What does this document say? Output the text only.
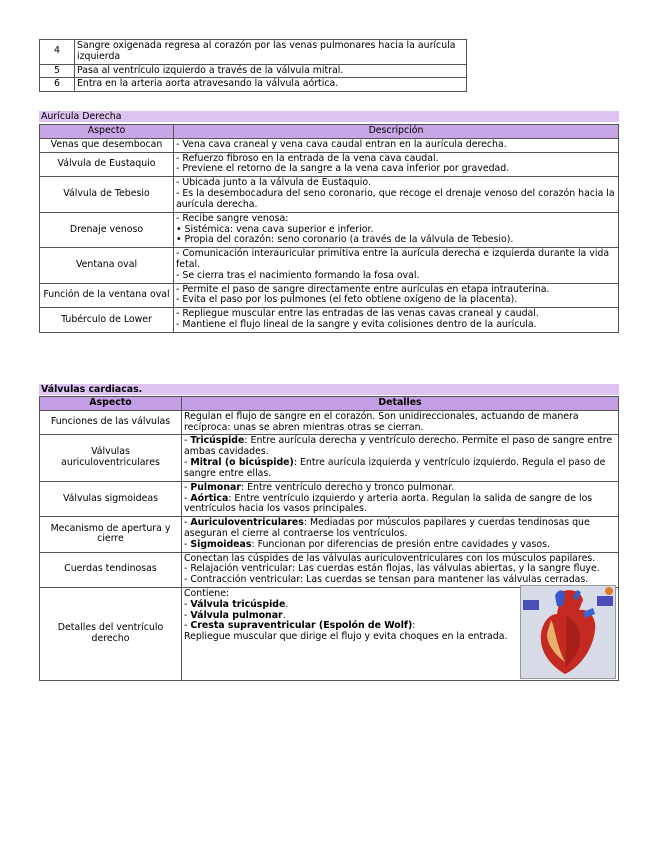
4	Sangre oxigenada regresa al corazón por las venas pulmonares hacia la aurícula izquierda
5	Pasa al ventrículo izquierdo a través de la válvula mitral.
6	Entra en la arteria aorta atravesando la válvula aórtica.
Aurícula Derecha
Aspecto	Descripción
Venas que desembocan	- Vena cava craneal y vena cava caudal entran en la aurícula derecha.

Válvula de Eustaquio	- Refuerzo fibroso en la entrada de la vena cava caudal.
- Previene el retorno de la sangre a la vena cava inferior por gravedad.

Válvula de Tebesio	- Ubicada junto a la válvula de Eustaquio.
- Es la desembocadura del seno coronario, que recoge el drenaje venoso del corazón hacia la aurícula derecha.

Drenaje venoso	- Recibe sangre venosa:
• Sistémica: vena cava superior e inferior.
• Propia del corazón: seno coronario (a través de la válvula de Tebesio).

Ventana oval	- Comunicación interauricular primitiva entre la aurícula derecha e izquierda durante la vida fetal.
- Se cierra tras el nacimiento formando la fosa oval.

Función de la ventana oval	- Permite el paso de sangre directamente entre aurículas en etapa intrauterina.
- Evita el paso por los pulmones (el feto obtiene oxígeno de la placenta).

Tubérculo de Lower	- Repliegue muscular entre las entradas de las venas cavas craneal y caudal.
- Mantiene el flujo lineal de la sangre y evita colisiones dentro de la aurícula.
Válvulas cardiacas.
Aspecto	Detalles
Funciones de las válvulas	Regulan el flujo de sangre en el corazón. Son unidireccionales, actuando de manera recíproca: unas se abren mientras otras se cierran.
Válvulas auriculoventriculares	- Tricúspide: Entre aurícula derecha y ventrículo derecho. Permite el paso de sangre entre ambas cavidades.
- Mitral (o bicúspide): Entre aurícula izquierda y ventrículo izquierdo. Regula el paso de sangre entre ellas.

Válvulas sigmoideas	- Pulmonar: Entre ventrículo derecho y tronco pulmonar.
- Aórtica: Entre ventrículo izquierdo y arteria aorta. Regulan la salida de sangre de los ventrículos hacia los vasos principales.

Mecanismo de apertura y cierre	- Auriculoventriculares: Mediadas por músculos papilares y cuerdas tendinosas que aseguran el cierre al contraerse los ventrículos.
- Sigmoideas: Funcionan por diferencias de presión entre cavidades y vasos.

Cuerdas tendinosas	Conectan las cúspides de las válvulas auriculoventriculares con los músculos papilares.
- Relajación ventricular: Las cuerdas están flojas, las válvulas abiertas, y la sangre fluye.
- Contracción ventricular: Las cuerdas se tensan para mantener las válvulas cerradas.

Detalles del ventrículo derecho	Contiene:
- Válvula tricúspide.
- Válvula pulmonar.
- Cresta supraventricular (Espolón de Wolf):
Repliegue muscular que dirige el flujo y evita choques en la entrada.
